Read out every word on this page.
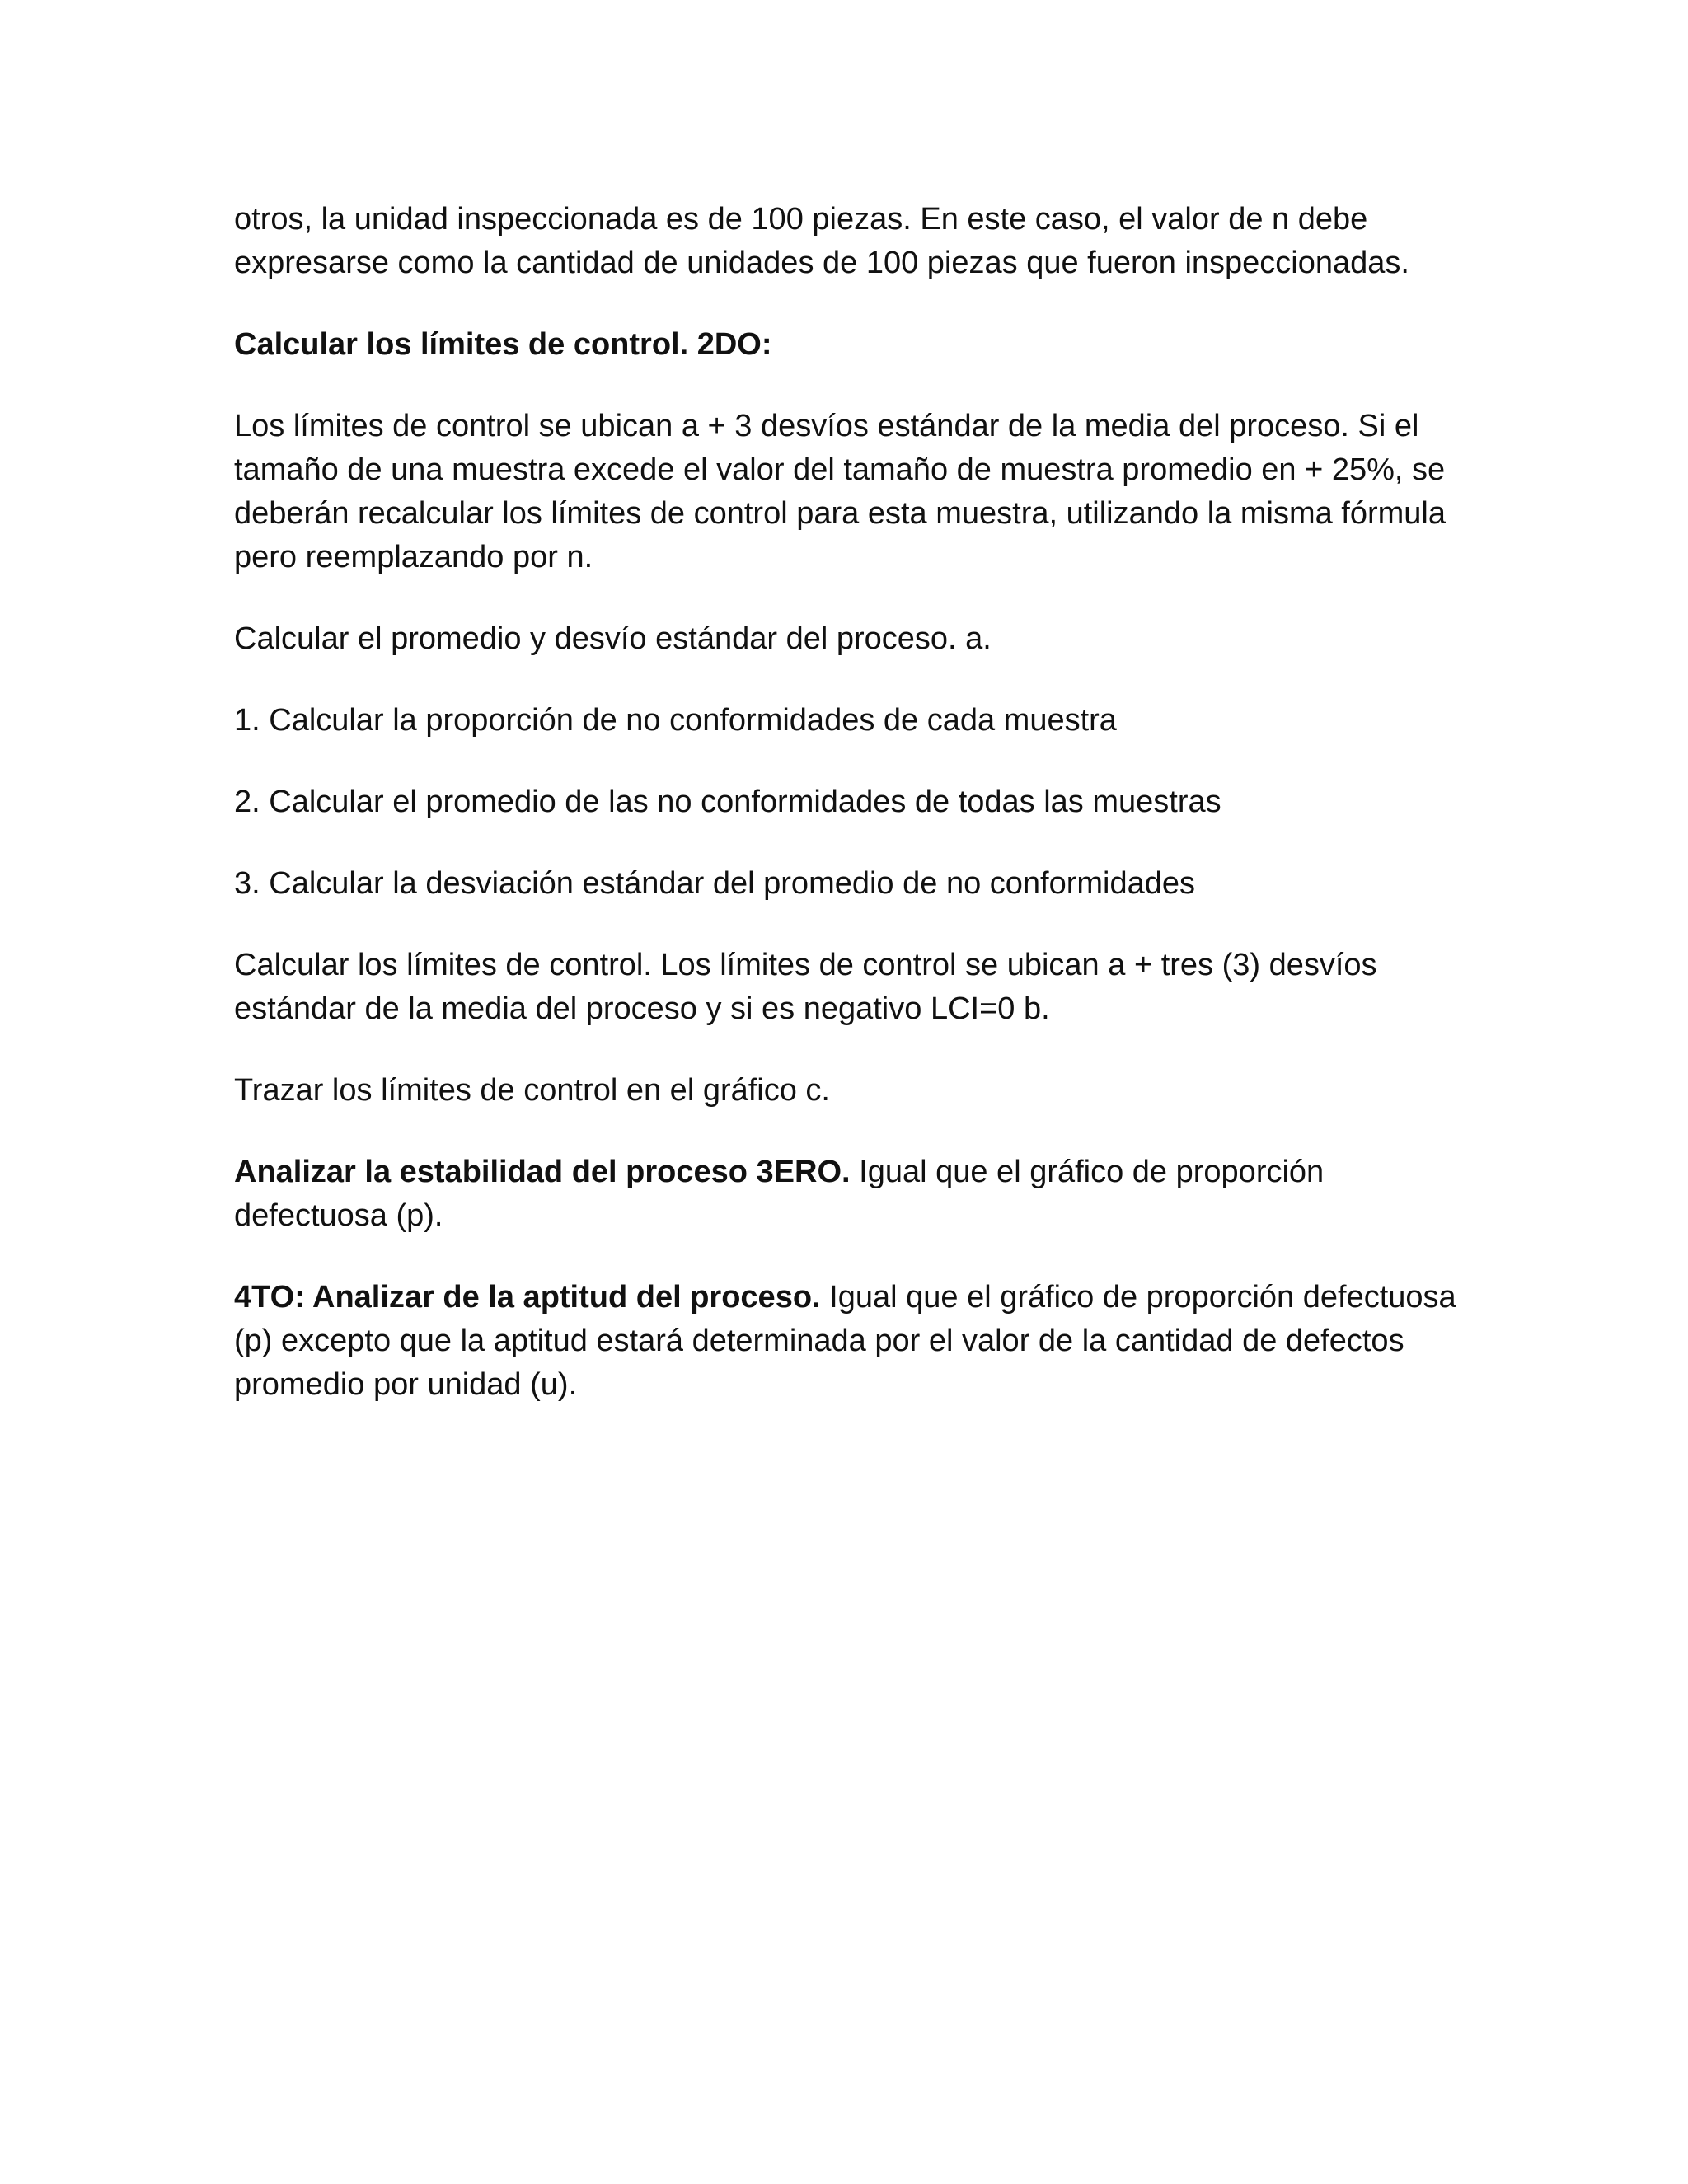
otros, la unidad inspeccionada es de 100 piezas. En este caso, el valor de n debe expresarse como la cantidad de unidades de 100 piezas que fueron inspeccionadas.

Calcular los límites de control. 2DO:

Los límites de control se ubican a + 3 desvíos estándar de la media del proceso. Si el tamaño de una muestra excede el valor del tamaño de muestra promedio en + 25%, se deberán recalcular los límites de control para esta muestra, utilizando la misma fórmula pero reemplazando por n.

Calcular el promedio y desvío estándar del proceso. a.

1. Calcular la proporción de no conformidades de cada muestra

2. Calcular el promedio de las no conformidades de todas las muestras

3. Calcular la desviación estándar del promedio de no conformidades

Calcular los límites de control. Los límites de control se ubican a + tres (3) desvíos estándar de la media del proceso y si es negativo LCI=0 b.

Trazar los límites de control en el gráfico c.

Analizar la estabilidad del proceso 3ERO. Igual que el gráfico de proporción defectuosa (p).

4TO: Analizar de la aptitud del proceso. Igual que el gráfico de proporción defectuosa (p) excepto que la aptitud estará determinada por el valor de la cantidad de defectos promedio por unidad (u).
